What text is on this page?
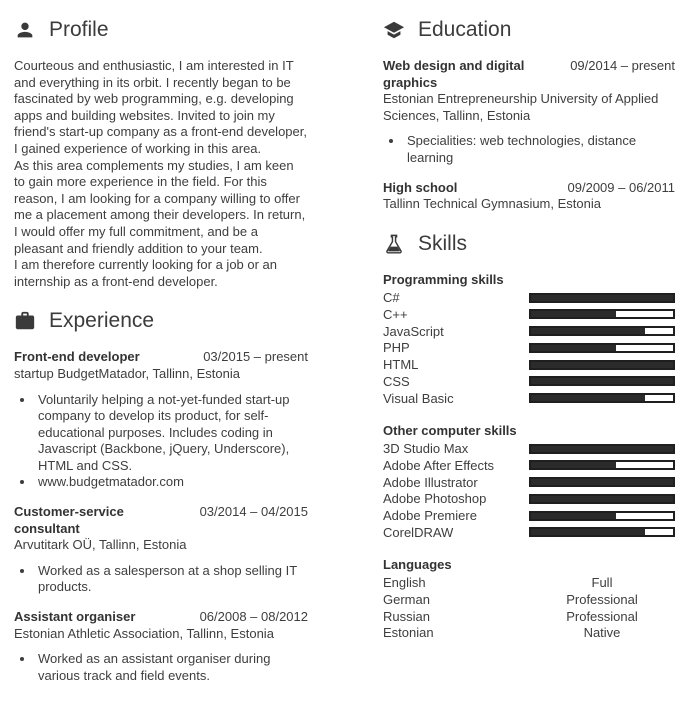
Profile
Courteous and enthusiastic, I am interested in IT and everything in its orbit. I recently began to be fascinated by web programming, e.g. developing apps and building websites. Invited to join my friend's start-up company as a front-end developer, I gained experience of working in this area.
As this area complements my studies, I am keen to gain more experience in the field. For this reason, I am looking for a company willing to offer me a placement among their developers. In return, I would offer my full commitment, and be a pleasant and friendly addition to your team.
I am therefore currently looking for a job or an internship as a front-end developer.
Experience
Front-end developer	03/2015 – present
startup BudgetMatador, Tallinn, Estonia
• Voluntarily helping a not-yet-funded start-up company to develop its product, for self-educational purposes. Includes coding in Javascript (Backbone, jQuery, Underscore), HTML and CSS.
• www.budgetmatador.com
Customer-service consultant
03/2014 – 04/2015
Arvutitark OÜ, Tallinn, Estonia
• Worked as a salesperson at a shop selling IT products.
Assistant organiser	06/2008 – 08/2012
Estonian Athletic Association, Tallinn, Estonia
• Worked as an assistant organiser during various track and field events.
Education
Web design and digital graphics
09/2014 – present
Estonian Entrepreneurship University of Applied Sciences, Tallinn, Estonia
• Specialities: web technologies, distance learning
High school	09/2009 – 06/2011
Tallinn Technical Gymnasium, Estonia
Skills
Programming skills
C#
C++
JavaScript
PHP
HTML
CSS
Visual Basic
Other computer skills
3D Studio Max
Adobe After Effects
Adobe Illustrator
Adobe Photoshop
Adobe Premiere
CorelDRAW
Languages
English	Full
German	Professional
Russian	Professional
Estonian	Native
